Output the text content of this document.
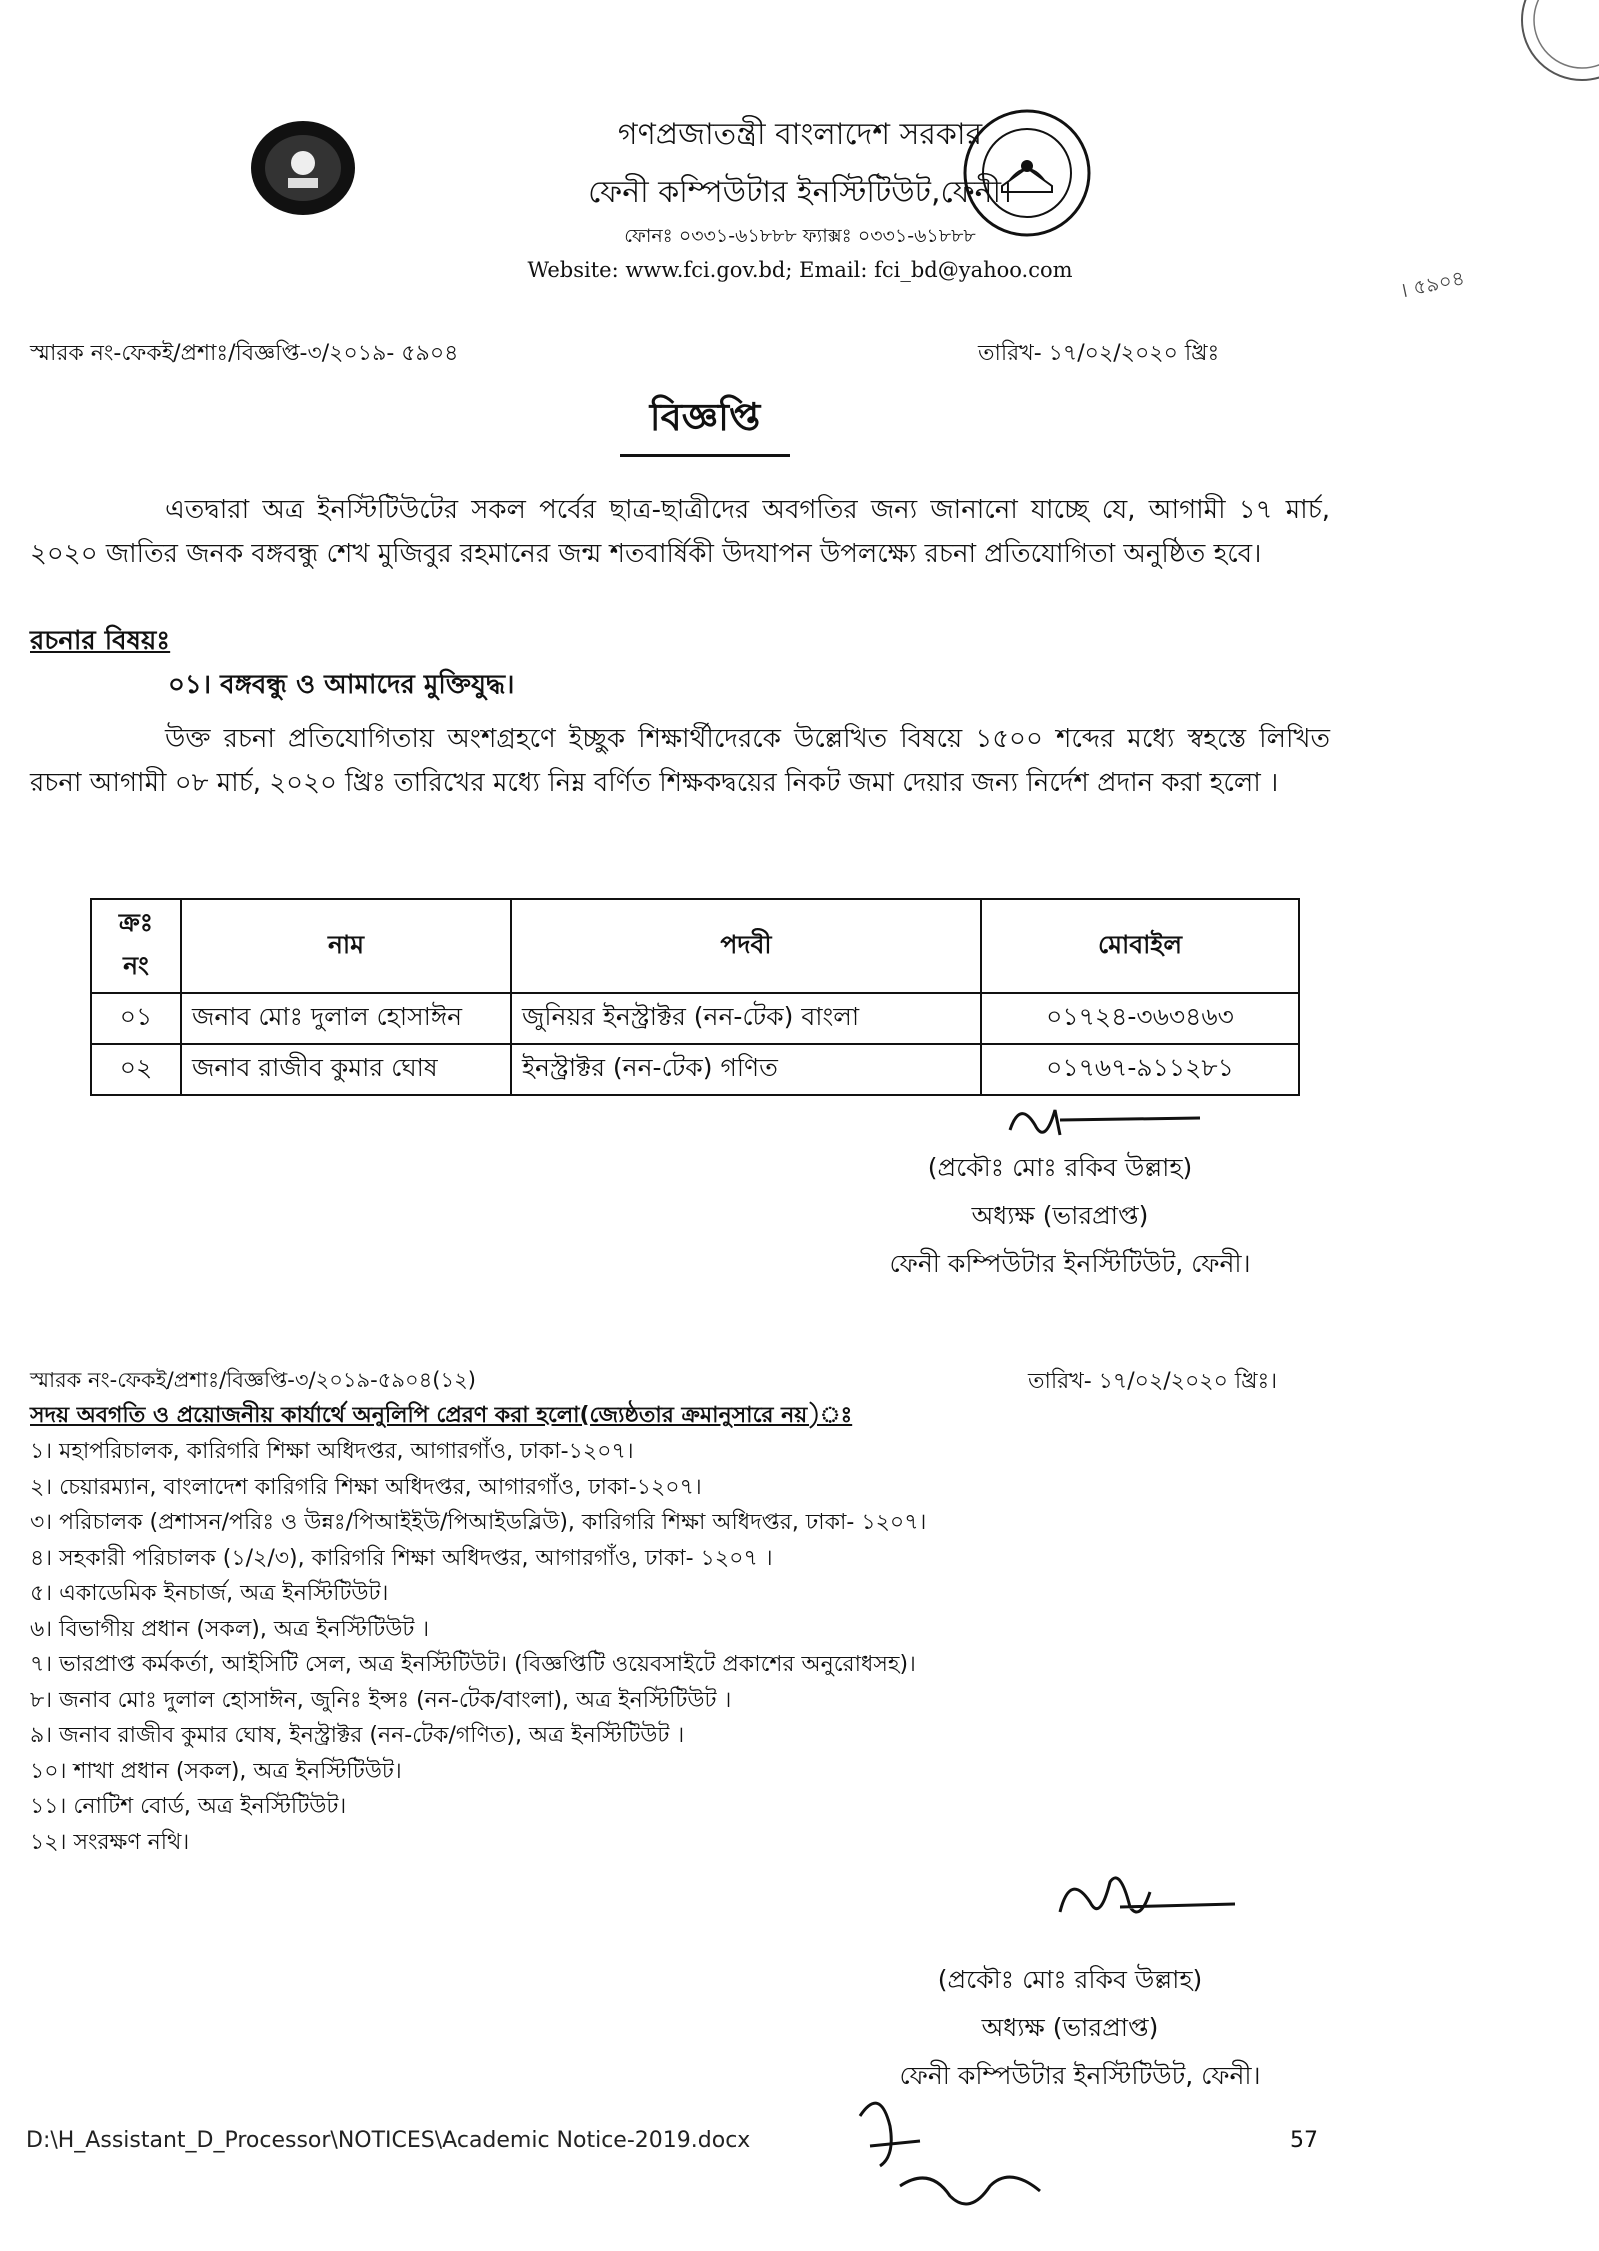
গণপ্রজাতন্ত্রী বাংলাদেশ সরকার
ফেনী কম্পিউটার ইনস্টিটিউট,ফেনী।
ফোনঃ ০৩৩১-৬১৮৮৮ ফ্যাক্সঃ ০৩৩১-৬১৮৮৮
Website: www.fci.gov.bd; Email: fci_bd@yahoo.com
স্মারক নং-ফেকই/প্রশাঃ/বিজ্ঞপ্তি-৩/২০১৯- ৫৯০৪	তারিখ- ১৭/০২/২০২০ খ্রিঃ
। ৫৯০৪
বিজ্ঞপ্তি
এতদ্বারা অত্র ইনস্টিটিউটের সকল পর্বের ছাত্র-ছাত্রীদের অবগতির জন্য জানানো যাচ্ছে যে, আগামী ১৭ মার্চ, ২০২০ জাতির জনক বঙ্গবন্ধু শেখ মুজিবুর রহমানের জন্ম শতবার্ষিকী উদযাপন উপলক্ষ্যে রচনা প্রতিযোগিতা অনুষ্ঠিত হবে।
রচনার বিষয়ঃ
০১। বঙ্গবন্ধু ও আমাদের মুক্তিযুদ্ধ।
উক্ত রচনা প্রতিযোগিতায় অংশগ্রহণে ইচ্ছুক শিক্ষার্থীদেরকে উল্লেখিত বিষয়ে ১৫০০ শব্দের মধ্যে স্বহস্তে লিখিত রচনা আগামী ০৮ মার্চ, ২০২০ খ্রিঃ তারিখের মধ্যে নিম্ন বর্ণিত শিক্ষকদ্বয়ের নিকট জমা দেয়ার জন্য নির্দেশ প্রদান করা হলো ।
ক্রঃ নং	নাম	পদবী	মোবাইল
০১	জনাব মোঃ দুলাল হোসাঈন	জুনিয়র ইনস্ট্রাক্টর (নন-টেক) বাংলা	০১৭২৪-৩৬৩৪৬৩
০২	জনাব রাজীব কুমার ঘোষ	ইনস্ট্রাক্টর (নন-টেক) গণিত	০১৭৬৭-৯১১২৮১
(প্রকৌঃ মোঃ রকিব উল্লাহ)
অধ্যক্ষ (ভারপ্রাপ্ত)
ফেনী কম্পিউটার ইনস্টিটিউট, ফেনী।
স্মারক নং-ফেকই/প্রশাঃ/বিজ্ঞপ্তি-৩/২০১৯-৫৯০৪(১২)	তারিখ- ১৭/০২/২০২০ খ্রিঃ।
সদয় অবগতি ও প্রয়োজনীয় কার্যার্থে অনুলিপি প্রেরণ করা হলো(জ্যেষ্ঠতার ক্রমানুসারে নয়)ঃ
১। মহাপরিচালক, কারিগরি শিক্ষা অধিদপ্তর, আগারগাঁও, ঢাকা-১২০৭।
২। চেয়ারম্যান, বাংলাদেশ কারিগরি শিক্ষা অধিদপ্তর, আগারগাঁও, ঢাকা-১২০৭।
৩। পরিচালক (প্রশাসন/পরিঃ ও উন্নঃ/পিআইইউ/পিআইডব্লিউ), কারিগরি শিক্ষা অধিদপ্তর, ঢাকা- ১২০৭।
৪। সহকারী পরিচালক (১/২/৩), কারিগরি শিক্ষা অধিদপ্তর, আগারগাঁও, ঢাকা- ১২০৭ ।
৫। একাডেমিক ইনচার্জ, অত্র ইনস্টিটিউট।
৬। বিভাগীয় প্রধান (সকল), অত্র ইনস্টিটিউট ।
৭। ভারপ্রাপ্ত কর্মকর্তা, আইসিটি সেল, অত্র ইনস্টিটিউট। (বিজ্ঞপ্তিটি ওয়েবসাইটে প্রকাশের অনুরোধসহ)।
৮। জনাব মোঃ দুলাল হোসাঈন, জুনিঃ ইন্সঃ (নন-টেক/বাংলা), অত্র ইনস্টিটিউট ।
৯। জনাব রাজীব কুমার ঘোষ, ইনস্ট্রাক্টর (নন-টেক/গণিত), অত্র ইনস্টিটিউট ।
১০। শাখা প্রধান (সকল), অত্র ইনস্টিটিউট।
১১। নোটিশ বোর্ড, অত্র ইনস্টিটিউট।
১২। সংরক্ষণ নথি।
(প্রকৌঃ মোঃ রকিব উল্লাহ)
অধ্যক্ষ (ভারপ্রাপ্ত)
ফেনী কম্পিউটার ইনস্টিটিউট, ফেনী।
D:\H_Assistant_D_Processor\NOTICES\Academic Notice-2019.docx	57
